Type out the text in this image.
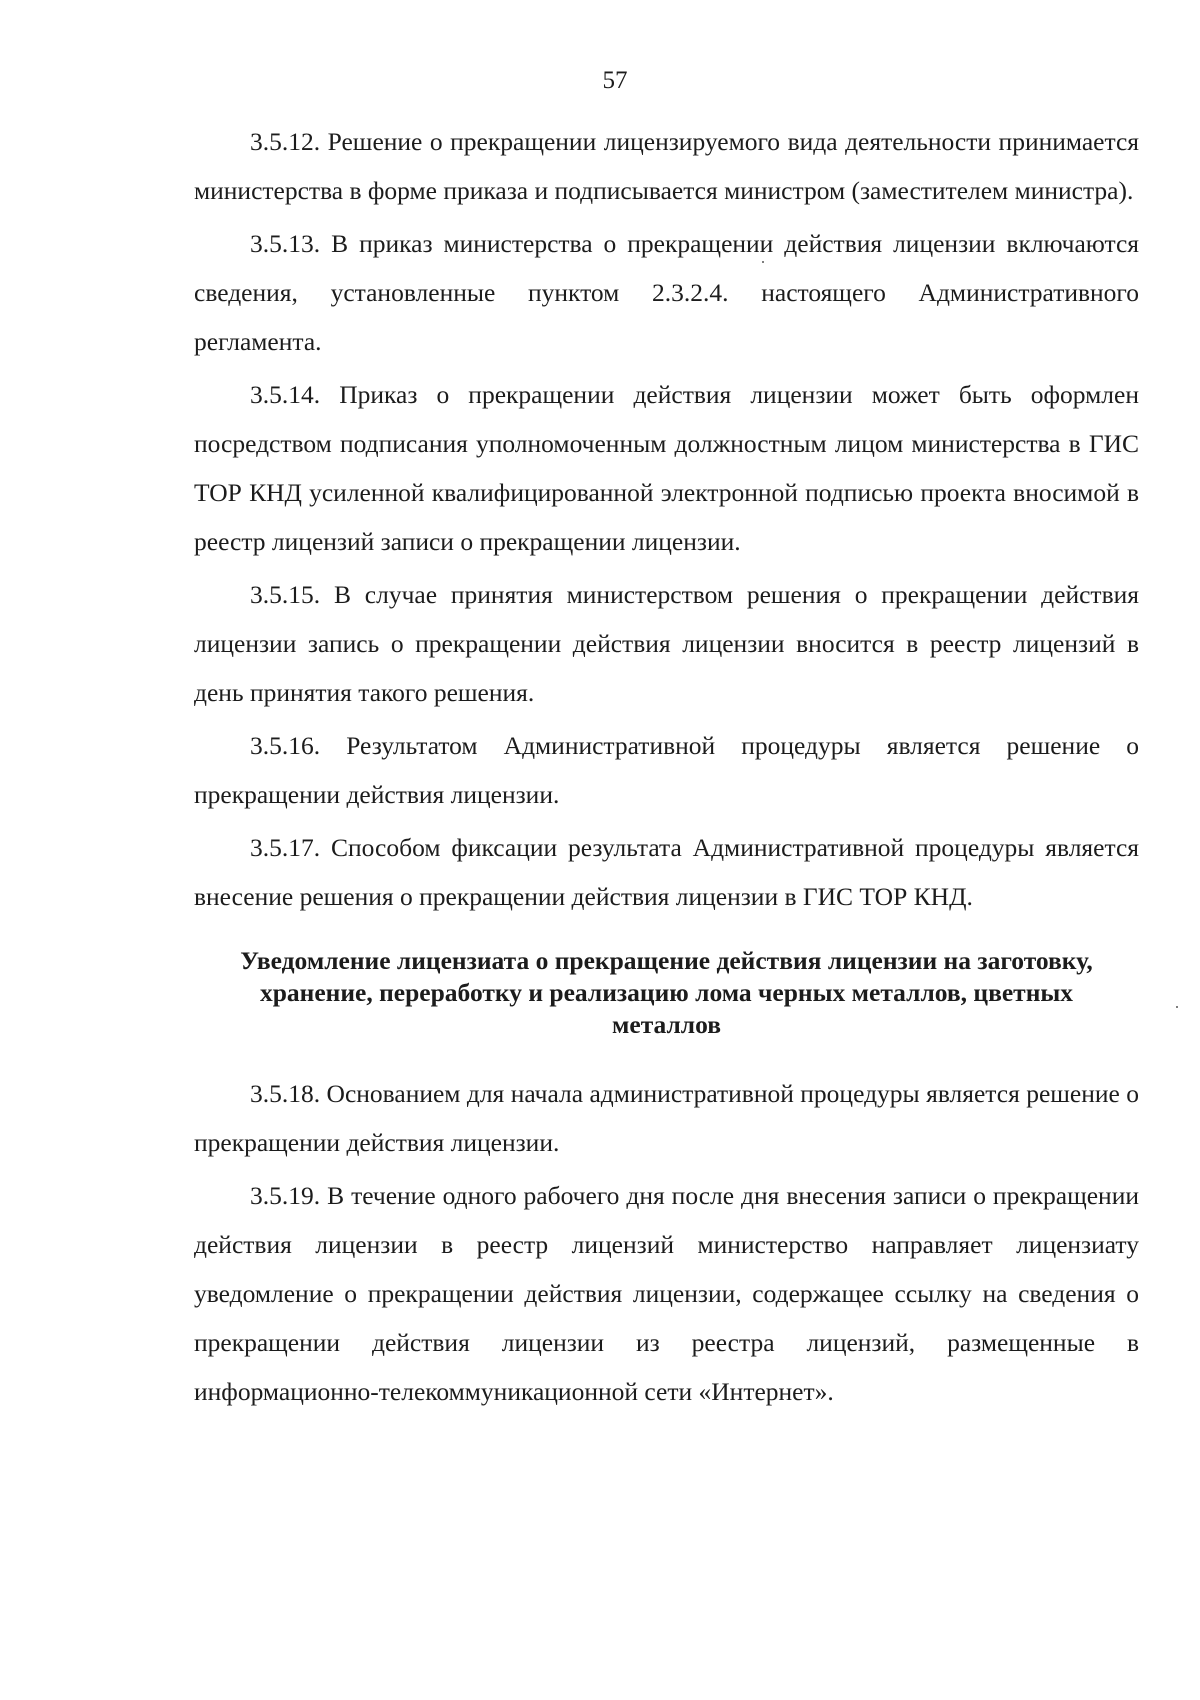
57

3.5.12. Решение о прекращении лицензируемого вида деятельности принимается министерства в форме приказа и подписывается министром (заместителем министра).

3.5.13. В приказ министерства о прекращении действия лицензии включаются сведения, установленные пунктом 2.3.2.4. настоящего Административного регламента.

3.5.14. Приказ о прекращении действия лицензии может быть оформлен посредством подписания уполномоченным должностным лицом министерства в ГИС ТОР КНД усиленной квалифицированной электронной подписью проекта вносимой в реестр лицензий записи о прекращении лицензии.

3.5.15. В случае принятия министерством решения о прекращении действия лицензии запись о прекращении действия лицензии вносится в реестр лицензий в день принятия такого решения.

3.5.16. Результатом Административной процедуры является решение о прекращении действия лицензии.

3.5.17. Способом фиксации результата Административной процедуры является внесение решения о прекращении действия лицензии в ГИС ТОР КНД.

Уведомление лицензиата о прекращение действия лицензии на заготовку, хранение, переработку и реализацию лома черных металлов, цветных металлов

3.5.18. Основанием для начала административной процедуры является решение о прекращении действия лицензии.

3.5.19. В течение одного рабочего дня после дня внесения записи о прекращении действия лицензии в реестр лицензий министерство направляет лицензиату уведомление о прекращении действия лицензии, содержащее ссылку на сведения о прекращении действия лицензии из реестра лицензий, размещенные в информационно-телекоммуникационной сети «Интернет».
